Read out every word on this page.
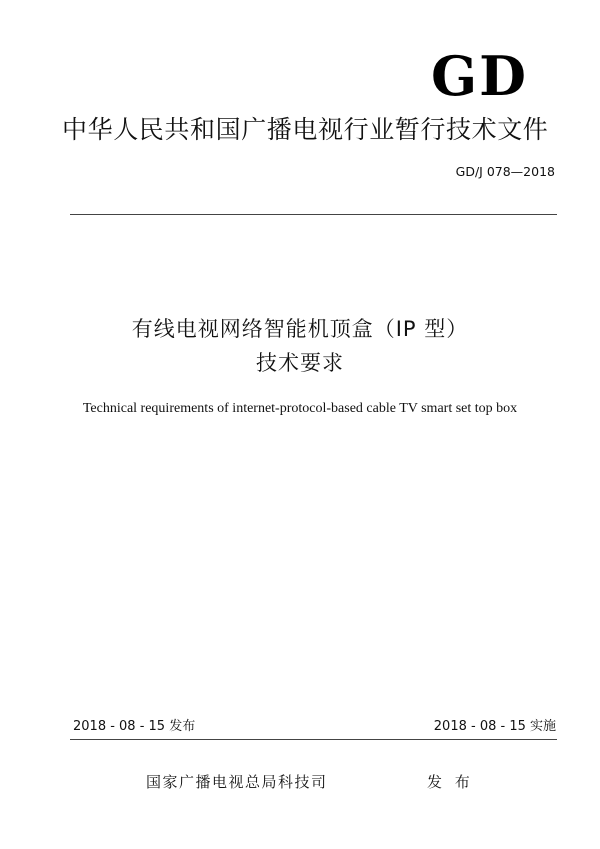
GD
中华人民共和国广播电视行业暂行技术文件
GD/J 078—2018
有线电视网络智能机顶盒（IP 型）
技术要求
Technical requirements of internet-protocol-based cable TV smart set top box
2018 - 08 - 15 发布	2018 - 08 - 15 实施
国家广播电视总局科技司	发 布
